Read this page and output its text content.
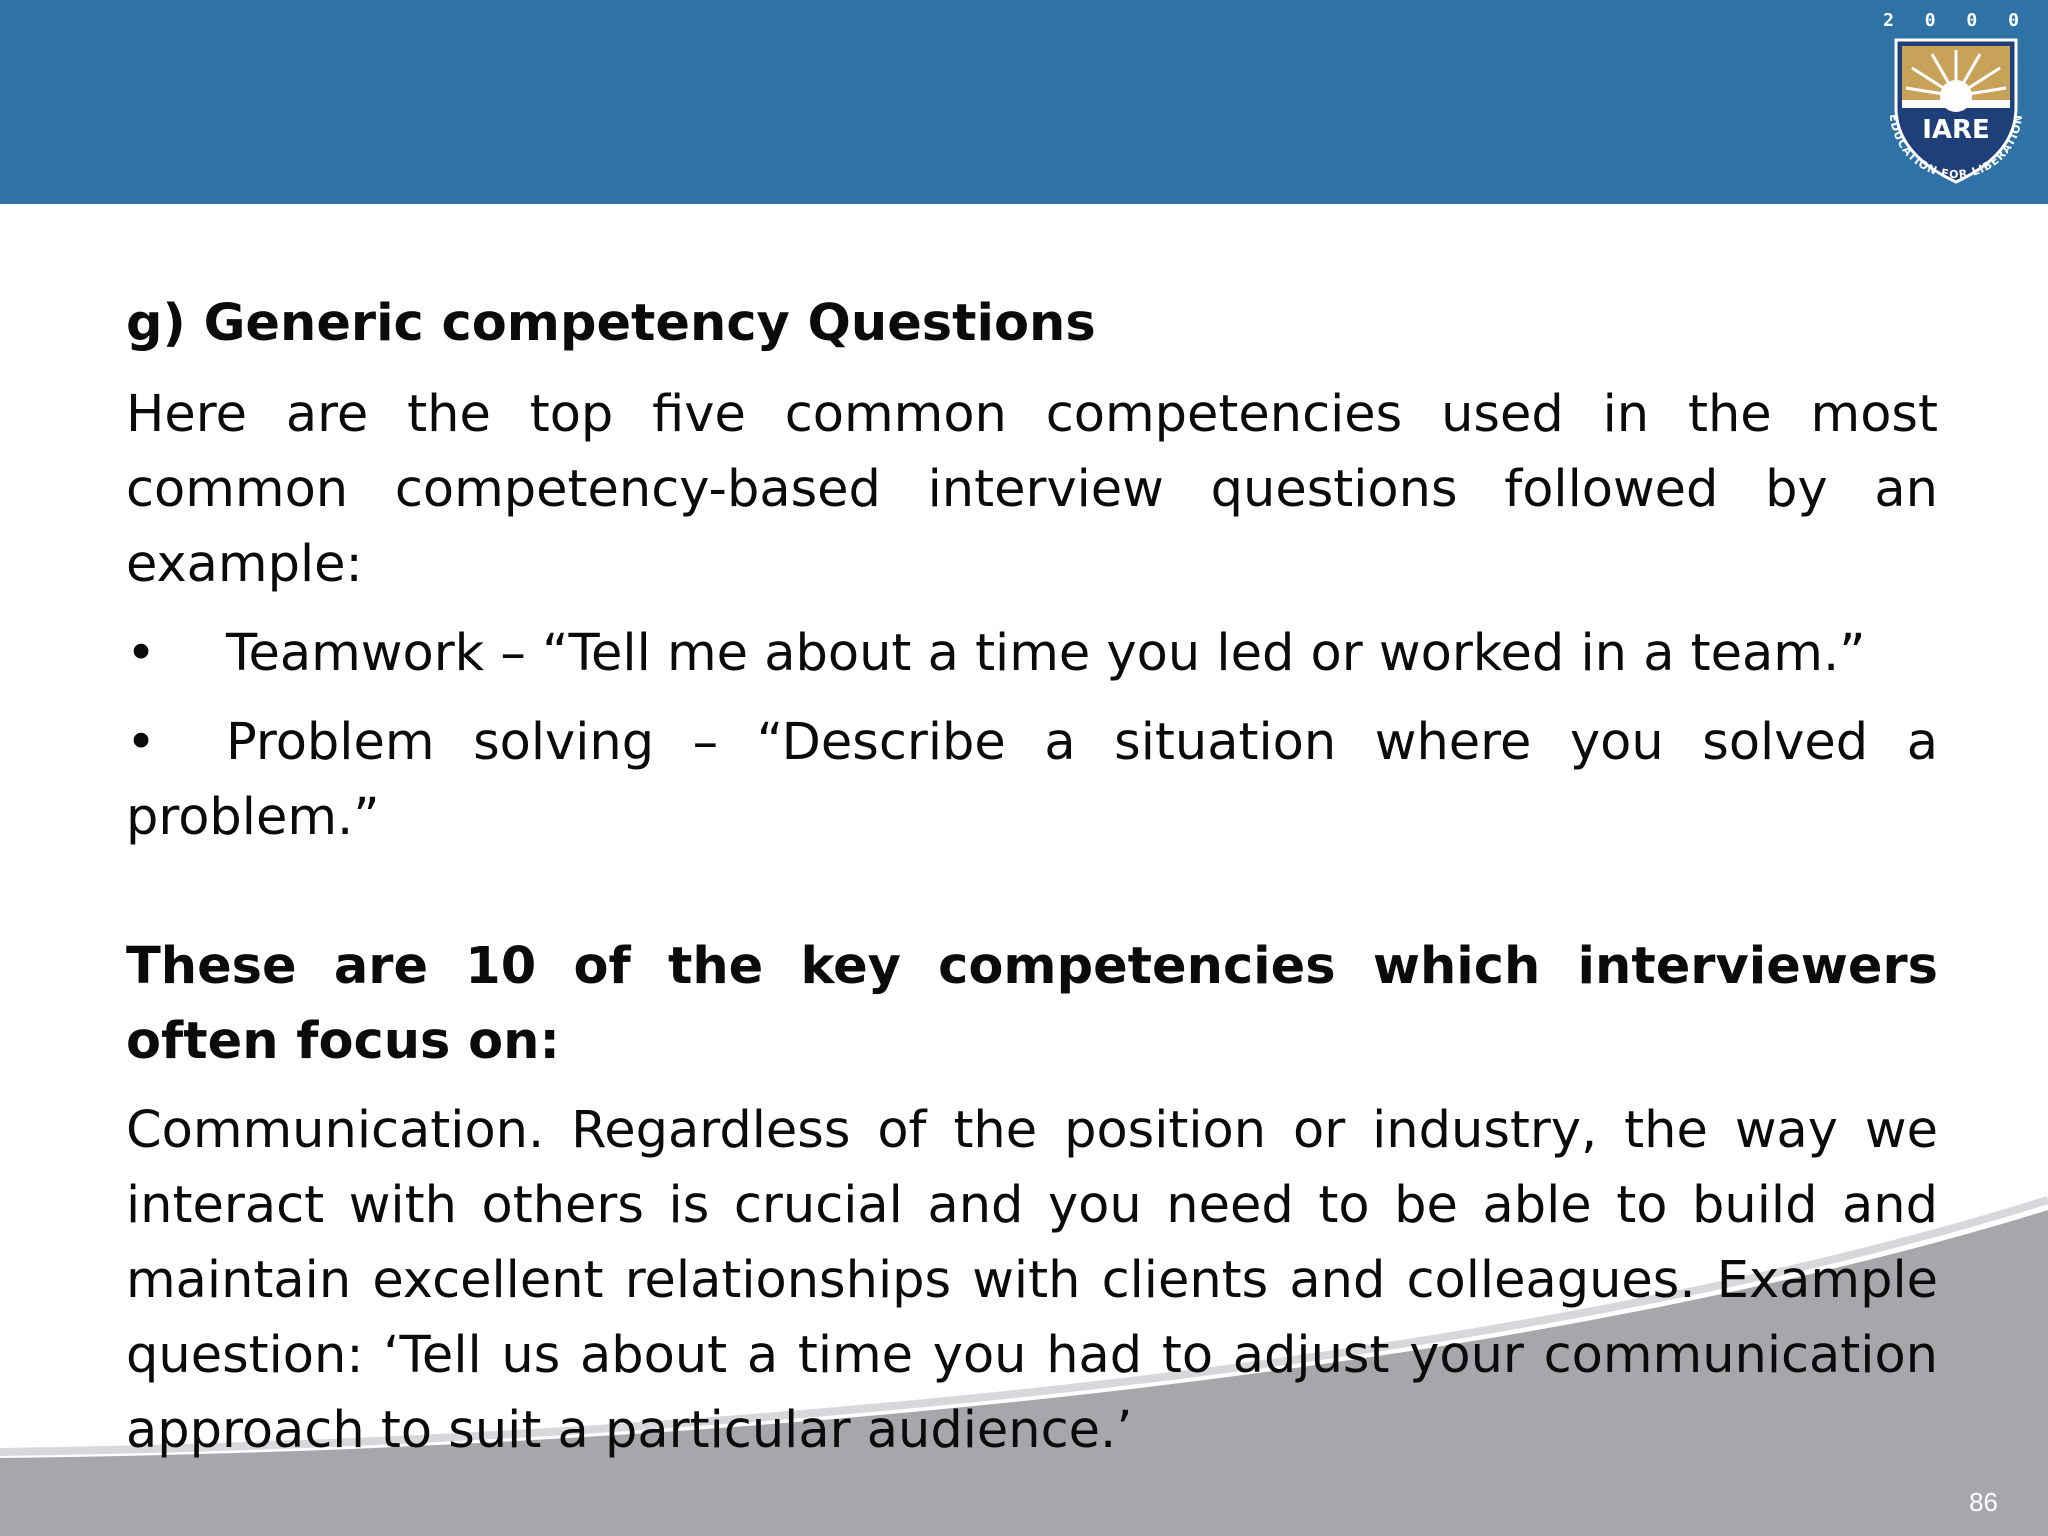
2 0 0 0
IARE
EDUCATION FOR LIBERATION
g) Generic competency Questions
Here are the top five common competencies used in the most common competency-based interview questions followed by an example:
• Teamwork – “Tell me about a time you led or worked in a team.”
• Problem solving – “Describe a situation where you solved a problem.”
These are 10 of the key competencies which interviewers often focus on:
Communication. Regardless of the position or industry, the way we interact with others is crucial and you need to be able to build and maintain excellent relationships with clients and colleagues. Example question: ‘Tell us about a time you had to adjust your communication approach to suit a particular audience.’
86
